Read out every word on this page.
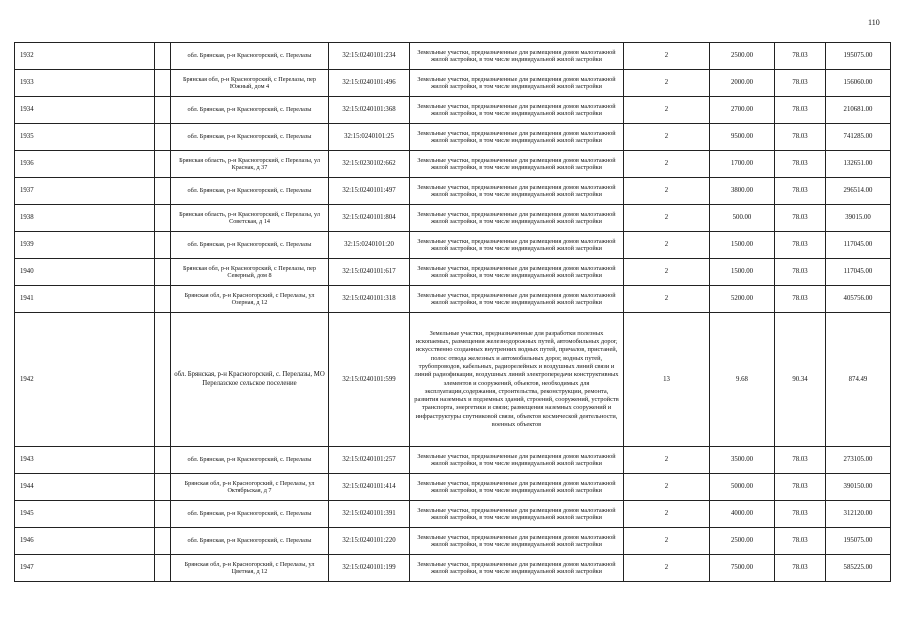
110
1932		обл. Брянская, р-н Красногорский, с. Перелазы	32:15:0240101:234	Земельные участки, предназначенные для размещения домов малоэтажной жилой застройки, в том числе индивидуальной жилой застройки	2	2500.00	78.03	195075.00
1933		Брянская обл, р-н Красногорский, с Перелазы, пер Южный, дом 4	32:15:0240101:496	Земельные участки, предназначенные для размещения домов малоэтажной жилой застройки, в том числе индивидуальной жилой застройки	2	2000.00	78.03	156060.00
1934		обл. Брянская, р-н Красногорский, с. Перелазы	32:15:0240101:368	Земельные участки, предназначенные для размещения домов малоэтажной жилой застройки, в том числе индивидуальной жилой застройки	2	2700.00	78.03	210681.00
1935		обл. Брянская, р-н Красногорский, с. Перелазы	32:15:0240101:25	Земельные участки, предназначенные для размещения домов малоэтажной жилой застройки, в том числе индивидуальной жилой застройки	2	9500.00	78.03	741285.00
1936		Брянская область, р-н Красногорский, с Перелазы, ул Краснак, д 37	32:15:0230102:662	Земельные участки, предназначенные для размещения домов малоэтажной жилой застройки, в том числе индивидуальной жилой застройки	2	1700.00	78.03	132651.00
1937		обл. Брянская, р-н Красногорский, с. Перелазы	32:15:0240101:497	Земельные участки, предназначенные для размещения домов малоэтажной жилой застройки, в том числе индивидуальной жилой застройки	2	3800.00	78.03	296514.00
1938		Брянская область, р-н Красногорский, с Перелазы, ул Советская, д 14	32:15:0240101:804	Земельные участки, предназначенные для размещения домов малоэтажной жилой застройки, в том числе индивидуальной жилой застройки	2	500.00	78.03	39015.00
1939		обл. Брянская, р-н Красногорский, с. Перелазы	32:15:0240101:20	Земельные участки, предназначенные для размещения домов малоэтажной жилой застройки, в том числе индивидуальной жилой застройки	2	1500.00	78.03	117045.00
1940		Брянская обл, р-н Красногорский, с Перелазы, пер Северный, дом 8	32:15:0240101:617	Земельные участки, предназначенные для размещения домов малоэтажной жилой застройки, в том числе индивидуальной жилой застройки	2	1500.00	78.03	117045.00
1941		Брянская обл, р-н Красногорский, с Перелазы, ул Озерная, д 12	32:15:0240101:318	Земельные участки, предназначенные для размещения домов малоэтажной жилой застройки, в том числе индивидуальной жилой застройки	2	5200.00	78.03	405756.00
1942		обл. Брянская, р-н Красногорский, с. Перелазы, МО Перелазское сельское поселение	32:15:0240101:599	Земельные участки, предназначенные для разработки полезных ископаемых, размещения железнодорожных путей, автомобильных дорог, искусственно созданных внутренних водных путей, причалов, пристаней, полос отвода железных и автомобильных дорог, водных путей, трубопроводов, кабельных, радиорелейных и воздушных линий связи и линий радиофикации, воздушных линий электропередачи конструктивных элементов и сооружений, объектов, необходимых для эксплуатации,содержания, строительства, реконструкции, ремонта, развития наземных и подземных зданий, строений, сооружений, устройств транспорта, энергетики и связи; размещения наземных сооружений и инфраструктуры спутниковой связи, объектов космической деятельности, военных объектов	13	9.68	90.34	874.49
1943		обл. Брянская, р-н Красногорский, с. Перелазы	32:15:0240101:257	Земельные участки, предназначенные для размещения домов малоэтажной жилой застройки, в том числе индивидуальной жилой застройки	2	3500.00	78.03	273105.00
1944		Брянская обл, р-н Красногорский, с Перелазы, ул Октябрьская, д 7	32:15:0240101:414	Земельные участки, предназначенные для размещения домов малоэтажной жилой застройки, в том числе индивидуальной жилой застройки	2	5000.00	78.03	390150.00
1945		обл. Брянская, р-н Красногорский, с. Перелазы	32:15:0240101:391	Земельные участки, предназначенные для размещения домов малоэтажной жилой застройки, в том числе индивидуальной жилой застройки	2	4000.00	78.03	312120.00
1946		обл. Брянская, р-н Красногорский, с. Перелазы	32:15:0240101:220	Земельные участки, предназначенные для размещения домов малоэтажной жилой застройки, в том числе индивидуальной жилой застройки	2	2500.00	78.03	195075.00
1947		Брянская обл, р-н Красногорский, с Перелазы, ул Цветная, д 12	32:15:0240101:199	Земельные участки, предназначенные для размещения домов малоэтажной жилой застройки, в том числе индивидуальной жилой застройки	2	7500.00	78.03	585225.00
